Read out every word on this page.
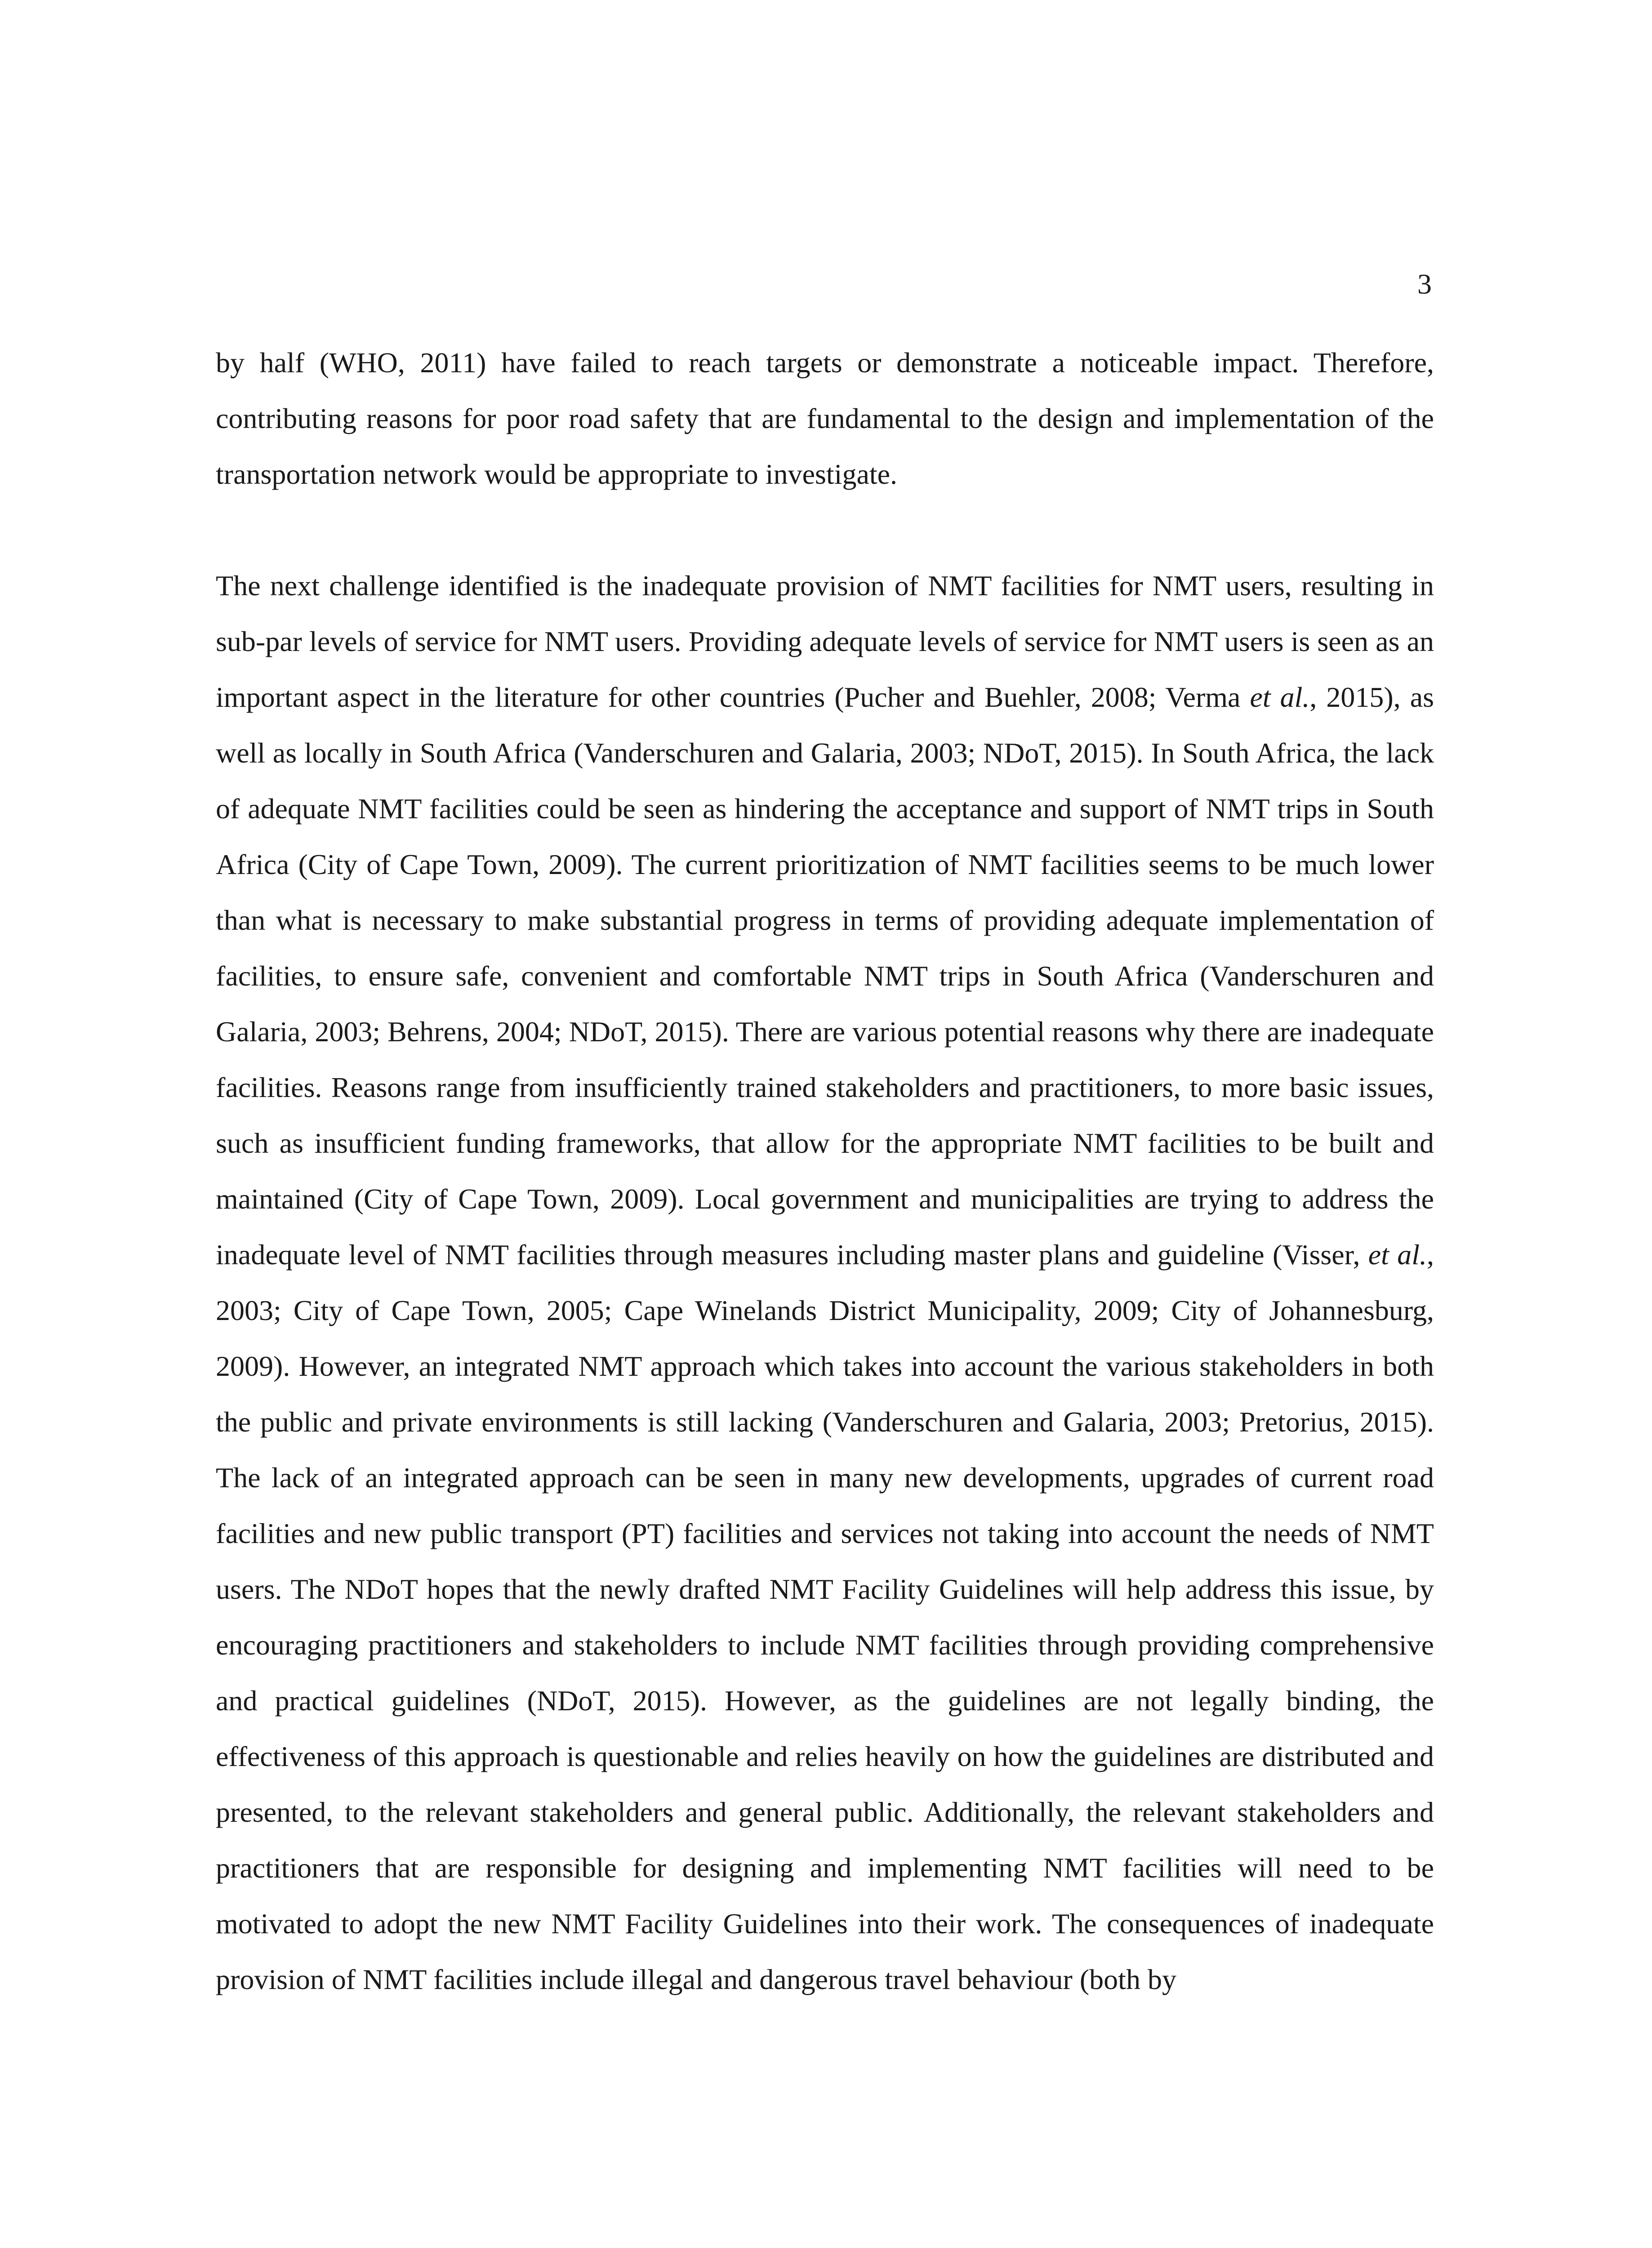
3

by half (WHO, 2011) have failed to reach targets or demonstrate a noticeable impact. Therefore, contributing reasons for poor road safety that are fundamental to the design and implementation of the transportation network would be appropriate to investigate.

The next challenge identified is the inadequate provision of NMT facilities for NMT users, resulting in sub-par levels of service for NMT users. Providing adequate levels of service for NMT users is seen as an important aspect in the literature for other countries (Pucher and Buehler, 2008; Verma et al., 2015), as well as locally in South Africa (Vanderschuren and Galaria, 2003; NDoT, 2015). In South Africa, the lack of adequate NMT facilities could be seen as hindering the acceptance and support of NMT trips in South Africa (City of Cape Town, 2009). The current prioritization of NMT facilities seems to be much lower than what is necessary to make substantial progress in terms of providing adequate implementation of facilities, to ensure safe, convenient and comfortable NMT trips in South Africa (Vanderschuren and Galaria, 2003; Behrens, 2004; NDoT, 2015). There are various potential reasons why there are inadequate facilities. Reasons range from insufficiently trained stakeholders and practitioners, to more basic issues, such as insufficient funding frameworks, that allow for the appropriate NMT facilities to be built and maintained (City of Cape Town, 2009). Local government and municipalities are trying to address the inadequate level of NMT facilities through measures including master plans and guideline (Visser, et al., 2003; City of Cape Town, 2005; Cape Winelands District Municipality, 2009; City of Johannesburg, 2009). However, an integrated NMT approach which takes into account the various stakeholders in both the public and private environments is still lacking (Vanderschuren and Galaria, 2003; Pretorius, 2015). The lack of an integrated approach can be seen in many new developments, upgrades of current road facilities and new public transport (PT) facilities and services not taking into account the needs of NMT users. The NDoT hopes that the newly drafted NMT Facility Guidelines will help address this issue, by encouraging practitioners and stakeholders to include NMT facilities through providing comprehensive and practical guidelines (NDoT, 2015). However, as the guidelines are not legally binding, the effectiveness of this approach is questionable and relies heavily on how the guidelines are distributed and presented, to the relevant stakeholders and general public. Additionally, the relevant stakeholders and practitioners that are responsible for designing and implementing NMT facilities will need to be motivated to adopt the new NMT Facility Guidelines into their work. The consequences of inadequate provision of NMT facilities include illegal and dangerous travel behaviour (both by
